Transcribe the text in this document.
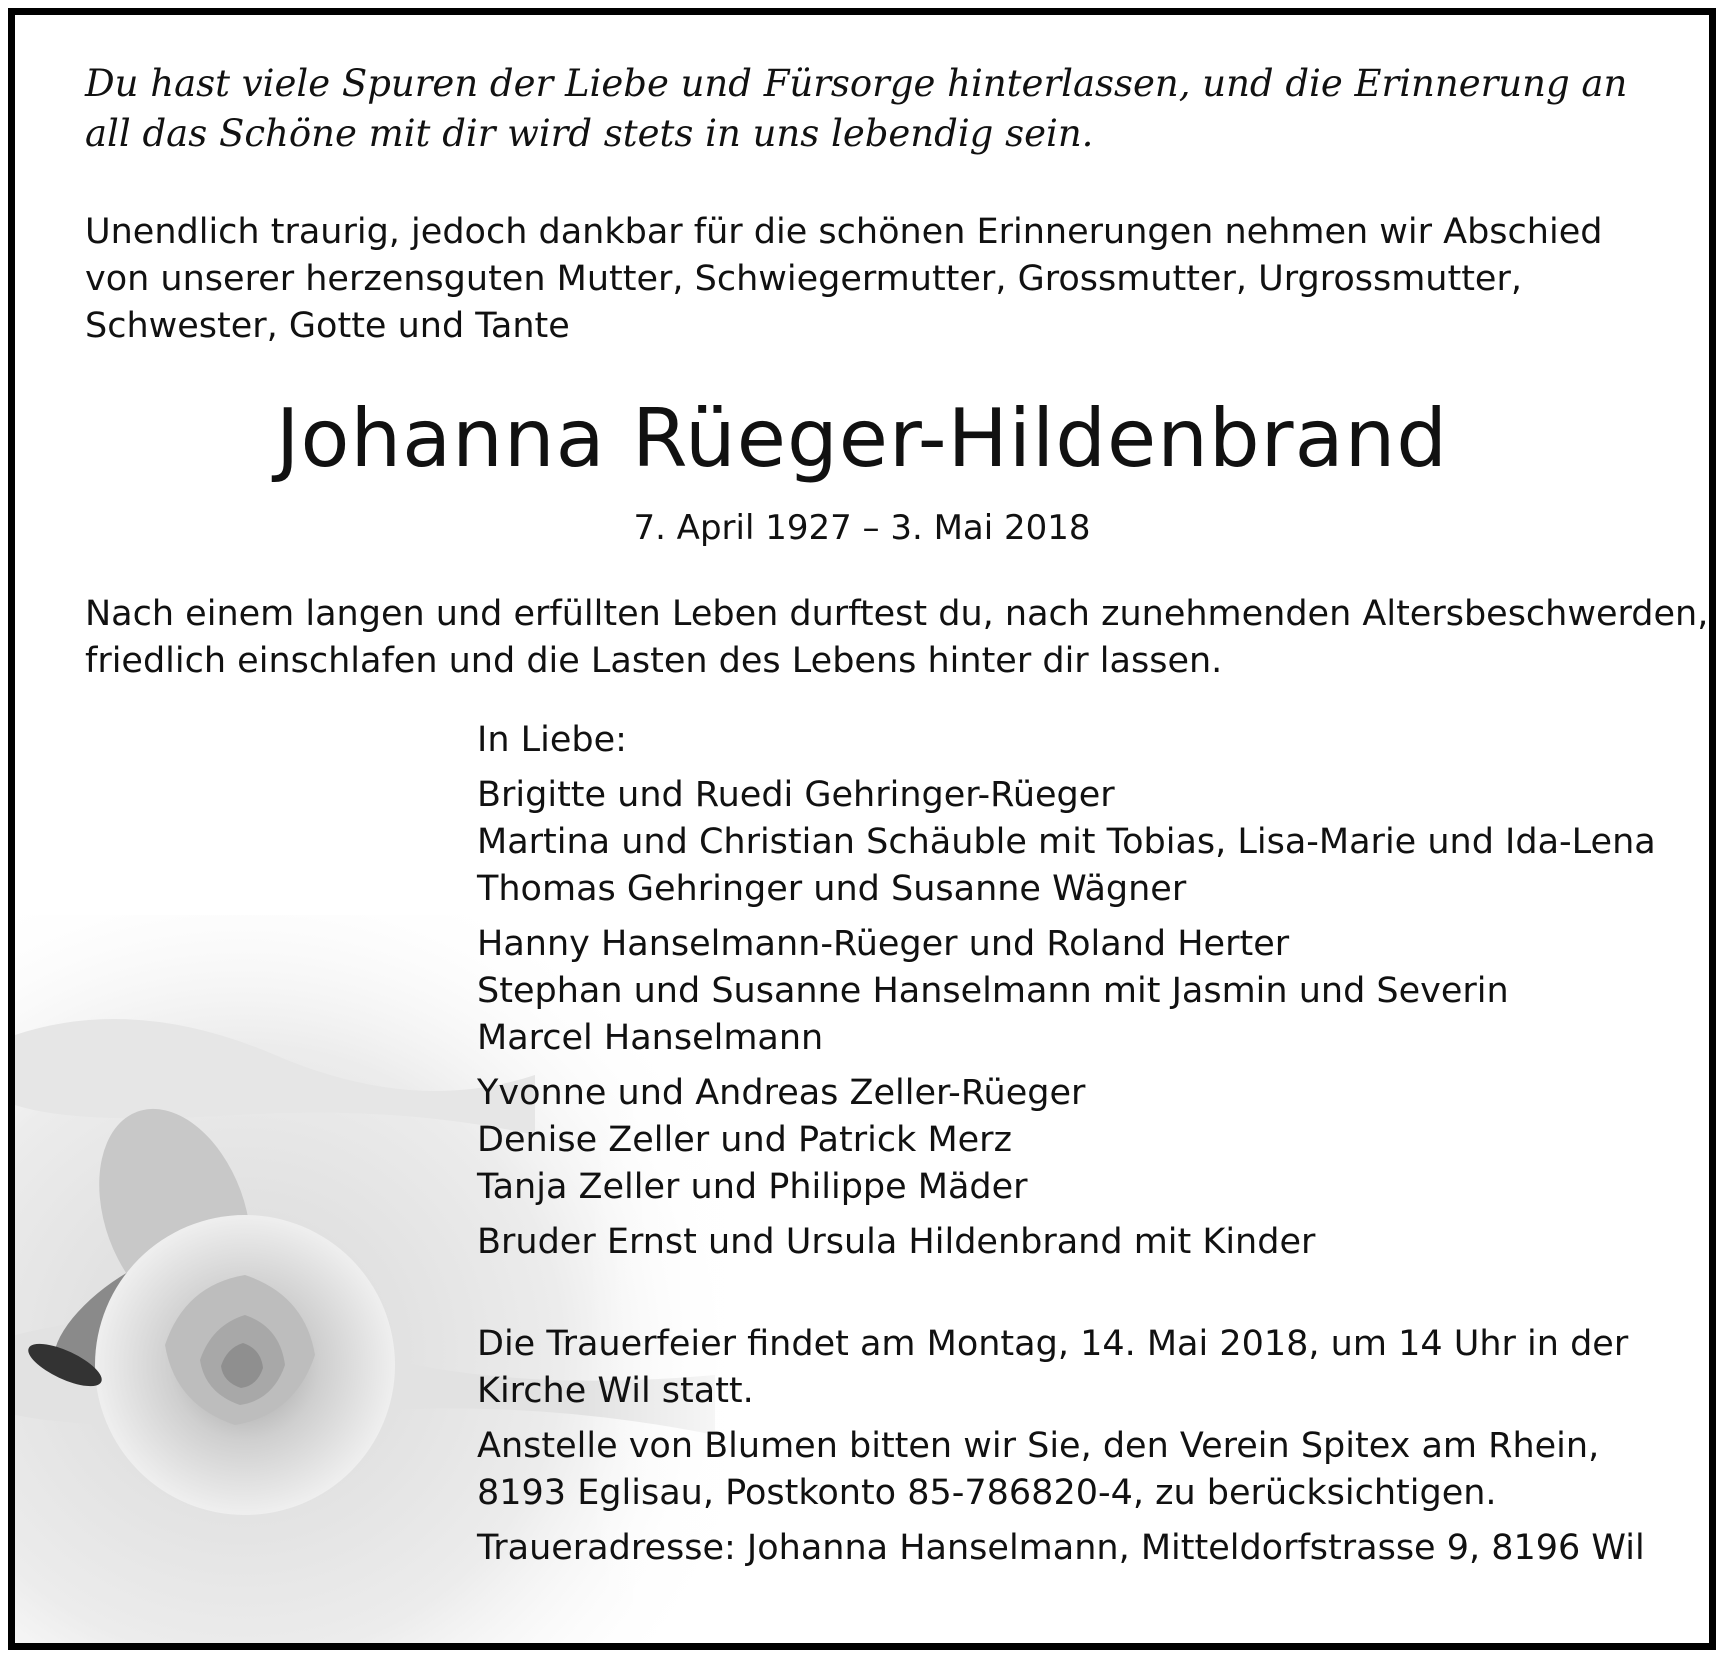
Du hast viele Spuren der Liebe und Fürsorge hinterlassen, und die Erinnerung an
all das Schöne mit dir wird stets in uns lebendig sein.
Unendlich traurig, jedoch dankbar für die schönen Erinnerungen nehmen wir Abschied
von unserer herzensguten Mutter, Schwiegermutter, Grossmutter, Urgrossmutter,
Schwester, Gotte und Tante
Johanna Rüeger-Hildenbrand
7. April 1927 – 3. Mai 2018
Nach einem langen und erfüllten Leben durftest du, nach zunehmenden Altersbeschwerden,
friedlich einschlafen und die Lasten des Lebens hinter dir lassen.
In Liebe:
Brigitte und Ruedi Gehringer-Rüeger
Martina und Christian Schäuble mit Tobias, Lisa-Marie und Ida-Lena
Thomas Gehringer und Susanne Wägner
Hanny Hanselmann-Rüeger und Roland Herter
Stephan und Susanne Hanselmann mit Jasmin und Severin
Marcel Hanselmann
Yvonne und Andreas Zeller-Rüeger
Denise Zeller und Patrick Merz
Tanja Zeller und Philippe Mäder
Bruder Ernst und Ursula Hildenbrand mit Kinder
Die Trauerfeier findet am Montag, 14. Mai 2018, um 14 Uhr in der
Kirche Wil statt.
Anstelle von Blumen bitten wir Sie, den Verein Spitex am Rhein,
8193 Eglisau, Postkonto 85-786820-4, zu berücksichtigen.
Traueradresse: Johanna Hanselmann, Mitteldorfstrasse 9, 8196 Wil
